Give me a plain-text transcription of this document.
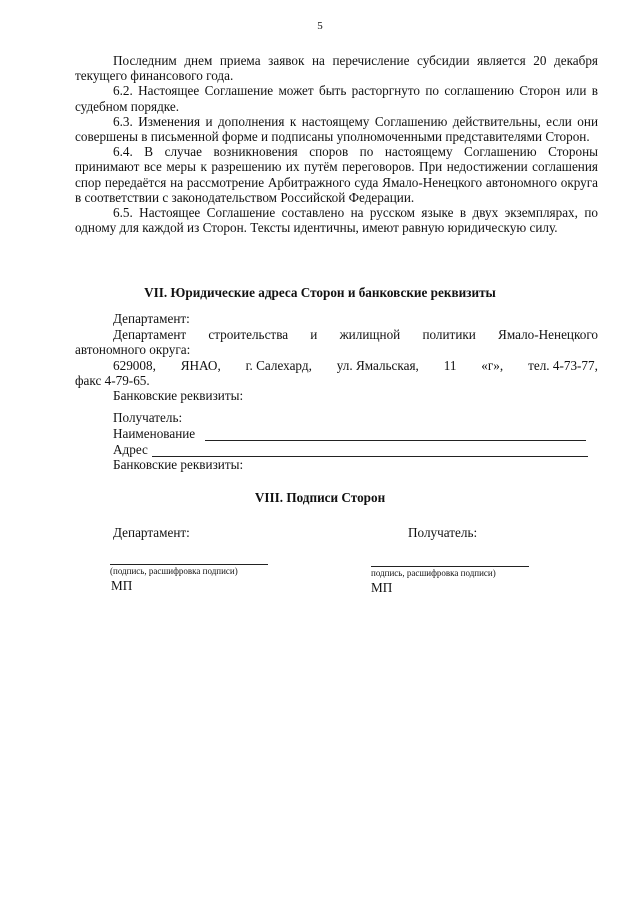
5

Последним днем приема заявок на перечисление субсидии является 20 декабря текущего финансового года.

6.2. Настоящее Соглашение может быть расторгнуто по соглашению Сторон или в судебном порядке.

6.3. Изменения и дополнения к настоящему Соглашению действительны, если они совершены в письменной форме и подписаны уполномоченными представителями Сторон.

6.4. В случае возникновения споров по настоящему Соглашению Стороны принимают все меры к разрешению их путём переговоров. При недостижении соглашения спор передаётся на рассмотрение Арбитражного суда Ямало-Ненецкого автономного округа в соответствии с законодательством Российской Федерации.

6.5. Настоящее Соглашение составлено на русском языке в двух экземплярах, по одному для каждой из Сторон. Тексты идентичны, имеют равную юридическую силу.

VII. Юридические адреса Сторон и банковские реквизиты
Департамент:
Департамент строительства и жилищной политики Ямало-Ненецкого
автономного округа:
629008, ЯНАО, г. Салехард, ул. Ямальская, 11 «г», тел. 4-73-77,
факс 4-79-65.
Банковские реквизиты:
Получатель:
Наименование
Адрес
Банковские реквизиты:
VIII. Подписи Сторон
Департамент:	Получатель:
(подпись, расшифровка подписи)	подпись, расшифровка подписи)
МП	МП
